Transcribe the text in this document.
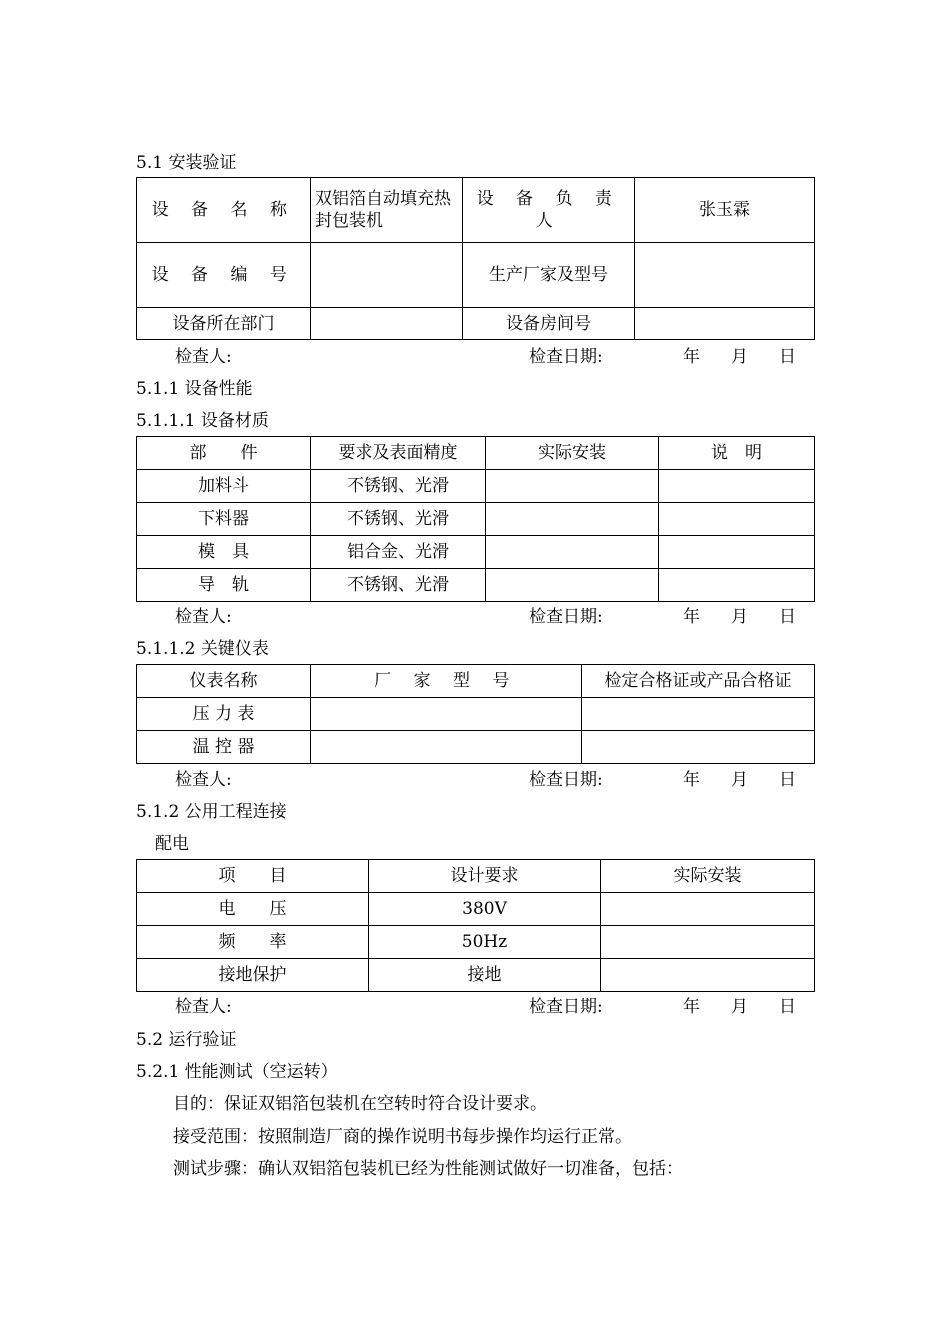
5.1 安装验证
设 备 名 称	双铝箔自动填充热封包装机	设 备 负 责 人	张玉霖
设 备 编 号		生产厂家及型号	
设备所在部门		设备房间号	
检查人:	检查日期:	年 月 日
5.1.1 设备性能
5.1.1.1 设备材质
部　　件	要求及表面精度	实际安装	说　明
加料斗	不锈钢、光滑		
下料器	不锈钢、光滑		
模　具	铝合金、光滑		
导　轨	不锈钢、光滑		
检查人:	检查日期:	年 月 日
5.1.1.2 关键仪表
仪表名称	厂 家 型 号	检定合格证或产品合格证
压 力 表		
温 控 器		
检查人:	检查日期:	年 月 日
5.1.2 公用工程连接
配电
项　　目	设计要求	实际安装
电　　压	380V	
频　　率	50Hz	
接地保护	接地	
检查人:	检查日期:	年 月 日
5.2 运行验证
5.2.1 性能测试（空运转）
目的：保证双铝箔包装机在空转时符合设计要求。
接受范围：按照制造厂商的操作说明书每步操作均运行正常。
测试步骤：确认双铝箔包装机已经为性能测试做好一切准备，包括：
